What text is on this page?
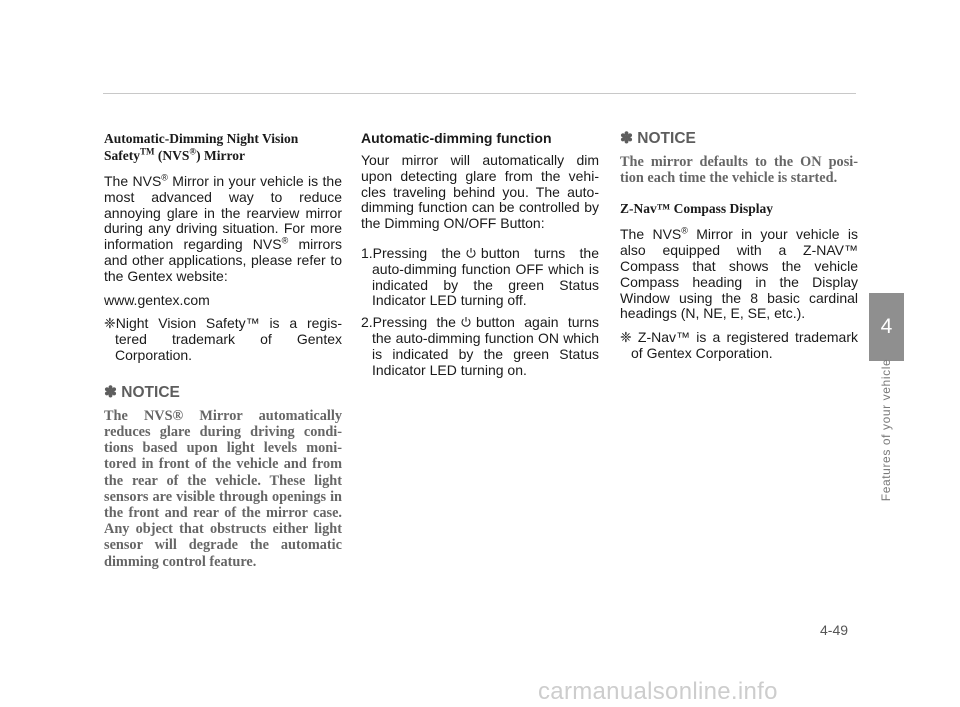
Automatic-Dimming Night Vision Safety™ (NVS®) Mirror

The NVS® Mirror in your vehicle is the most advanced way to reduce annoying glare in the rearview mirror during any driving situation. For more information regarding NVS® mirrors and other applications, please refer to the Gentex website:

www.gentex.com

❈Night Vision Safety™ is a regis-tered trademark of Gentex Corporation.

✽ NOTICE
The NVS® Mirror automatically reduces glare during driving condi-tions based upon light levels moni-tored in front of the vehicle and from the rear of the vehicle. These light sensors are visible through openings in the front and rear of the mirror case. Any object that obstructs either light sensor will degrade the automatic dimming control feature.
Automatic-dimming function

Your mirror will automatically dim upon detecting glare from the vehi-cles traveling behind you. The auto-dimming function can be controlled by the Dimming ON/OFF Button:

1.Pressing the button turns the auto-dimming function OFF which is indicated by the green Status Indicator LED turning off.

2.Pressing the button again turns the auto-dimming function ON which is indicated by the green Status Indicator LED turning on.

✽ NOTICE
The mirror defaults to the ON posi-tion each time the vehicle is started.
Z-Nav™ Compass Display

The NVS® Mirror in your vehicle is also equipped with a Z-NAV™ Compass that shows the vehicle Compass heading in the Display Window using the 8 basic cardinal headings (N, NE, E, SE, etc.).

❈ Z-Nav™ is a registered trademark of Gentex Corporation.

4
Features of your vehicle
4-49
carmanualsonline.info
